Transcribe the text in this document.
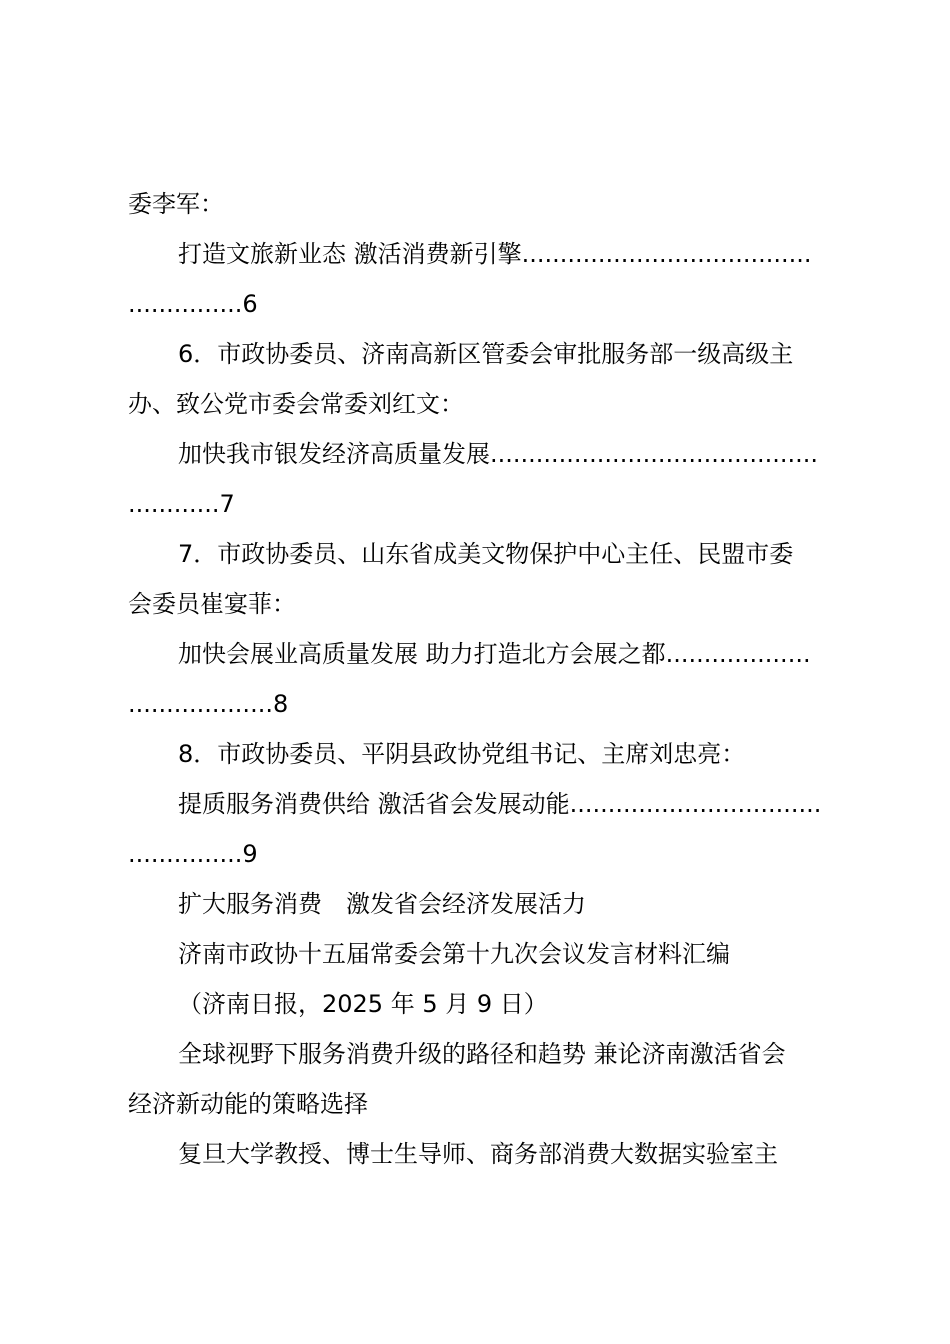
委李军：
打造文旅新业态 激活消费新引擎......................................
...............6
6．市政协委员、济南高新区管委会审批服务部一级高级主
办、致公党市委会常委刘红文：
加快我市银发经济高质量发展...........................................
............7
7．市政协委员、山东省成美文物保护中心主任、民盟市委
会委员崔宴菲：
加快会展业高质量发展 助力打造北方会展之都...................
...................8
8．市政协委员、平阴县政协党组书记、主席刘忠亮：
提质服务消费供给 激活省会发展动能.................................
...............9
扩大服务消费　激发省会经济发展活力
济南市政协十五届常委会第十九次会议发言材料汇编
（济南日报，2025 年 5 月 9 日）
全球视野下服务消费升级的路径和趋势 兼论济南激活省会
经济新动能的策略选择
复旦大学教授、博士生导师、商务部消费大数据实验室主
